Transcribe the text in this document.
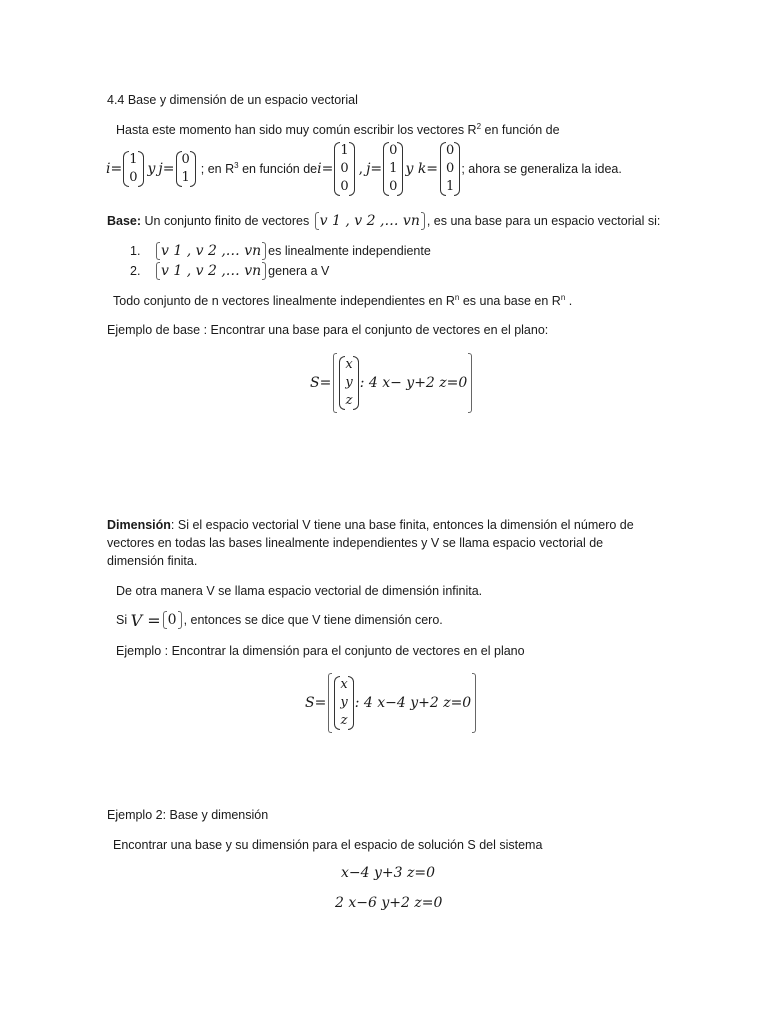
4.4 Base y dimensión de un espacio vectorial
Hasta este momento han sido muy común escribir los vectores $R^2$ en función de
i=
1
0
y j=
0
1
; en $R^3$ en función de i=
1
0
0
, j=
0
1
0
y k=
0
0
1
; ahora se generaliza la idea.
Base: Un conjunto finito de vectores v 1 , v 2 ,… vn , es una base para un espacio vectorial si:
1.	v 1 , v 2 ,… vn es linealmente independiente
2.	v 1 , v 2 ,… vn genera a V
Todo conjunto de n vectores linealmente independientes en $R^n$ es una base en $R^n$ .
Ejemplo de base : Encontrar una base para el conjunto de vectores en el plano:
S=
x
y
z
: 4 x− y+2 z=0
Dimensión: Si el espacio vectorial V tiene una base finita, entonces la dimensión el número de vectores en todas las bases linealmente independientes y V se llama espacio vectorial de dimensión finita.
De otra manera V se llama espacio vectorial de dimensión infinita.
Si V = 0 , entonces se dice que V tiene dimensión cero.
Ejemplo : Encontrar la dimensión para el conjunto de vectores en el plano
S=
x
y
z
: 4 x−4 y+2 z=0
Ejemplo 2: Base y dimensión
Encontrar una base y su dimensión para el espacio de solución S del sistema
x−4 y+3 z=0
2 x−6 y+2 z=0
